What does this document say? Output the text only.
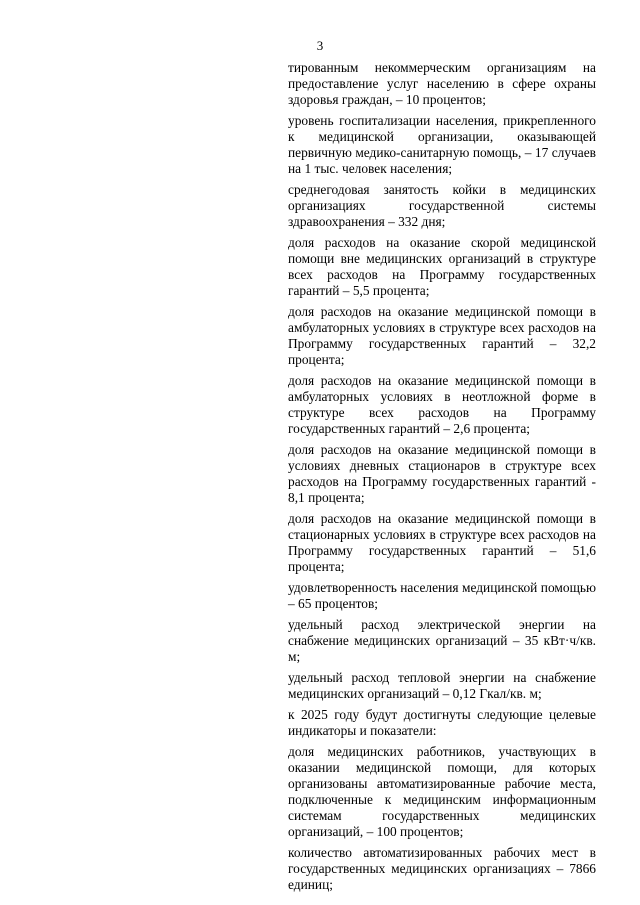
3

тированным некоммерческим организациям на предоставление услуг населению в сфере охраны здоровья граждан, – 10 процентов;

уровень госпитализации населения, прикрепленного к медицинской организации, оказывающей первичную медико-санитарную помощь, – 17 случаев на 1 тыс. человек населения;

среднегодовая занятость койки в медицинских организациях государственной системы здравоохранения – 332 дня;

доля расходов на оказание скорой медицинской помощи вне медицинских организаций в структуре всех расходов на Программу государственных гарантий – 5,5 процента;

доля расходов на оказание медицинской помощи в амбулаторных условиях в структуре всех расходов на Программу государственных гарантий – 32,2 процента;

доля расходов на оказание медицинской помощи в амбулаторных условиях в неотложной форме в структуре всех расходов на Программу государственных гарантий – 2,6 процента;

доля расходов на оказание медицинской помощи в условиях дневных стационаров в структуре всех расходов на Программу государственных гарантий - 8,1 процента;

доля расходов на оказание медицинской помощи в стационарных условиях в структуре всех расходов на Программу государственных гарантий – 51,6 процента;

удовлетворенность населения медицинской помощью – 65 процентов;

удельный расход электрической энергии на снабжение медицинских организаций – 35 кВт·ч/кв. м;

удельный расход тепловой энергии на снабжение медицинских организаций – 0,12 Гкал/кв. м;

к 2025 году будут достигнуты следующие целевые индикаторы и показатели:

доля медицинских работников, участвующих в оказании медицинской помощи, для которых организованы автоматизированные рабочие места, подключенные к медицинским информационным системам государственных медицинских организаций, – 100 процентов;

количество автоматизированных рабочих мест в государственных медицинских организациях – 7866 единиц;
